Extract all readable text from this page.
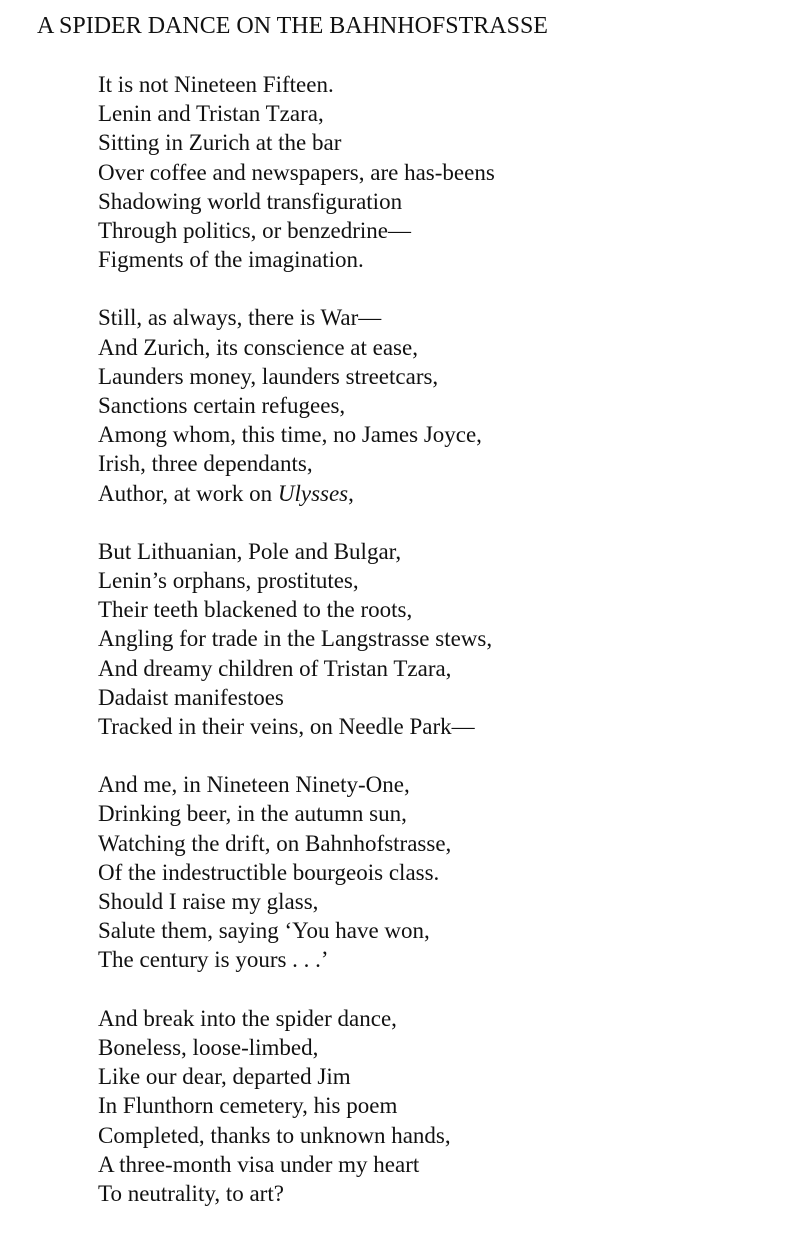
A SPIDER DANCE ON THE BAHNHOFSTRASSE
It is not Nineteen Fifteen.
Lenin and Tristan Tzara,
Sitting in Zurich at the bar
Over coffee and newspapers, are has-beens
Shadowing world transfiguration
Through politics, or benzedrine—
Figments of the imagination.
Still, as always, there is War—
And Zurich, its conscience at ease,
Launders money, launders streetcars,
Sanctions certain refugees,
Among whom, this time, no James Joyce,
Irish, three dependants,
Author, at work on Ulysses,
But Lithuanian, Pole and Bulgar,
Lenin’s orphans, prostitutes,
Their teeth blackened to the roots,
Angling for trade in the Langstrasse stews,
And dreamy children of Tristan Tzara,
Dadaist manifestoes
Tracked in their veins, on Needle Park—
And me, in Nineteen Ninety-One,
Drinking beer, in the autumn sun,
Watching the drift, on Bahnhofstrasse,
Of the indestructible bourgeois class.
Should I raise my glass,
Salute them, saying ‘You have won,
The century is yours . . .’
And break into the spider dance,
Boneless, loose-limbed,
Like our dear, departed Jim
In Flunthorn cemetery, his poem
Completed, thanks to unknown hands,
A three-month visa under my heart
To neutrality, to art?
